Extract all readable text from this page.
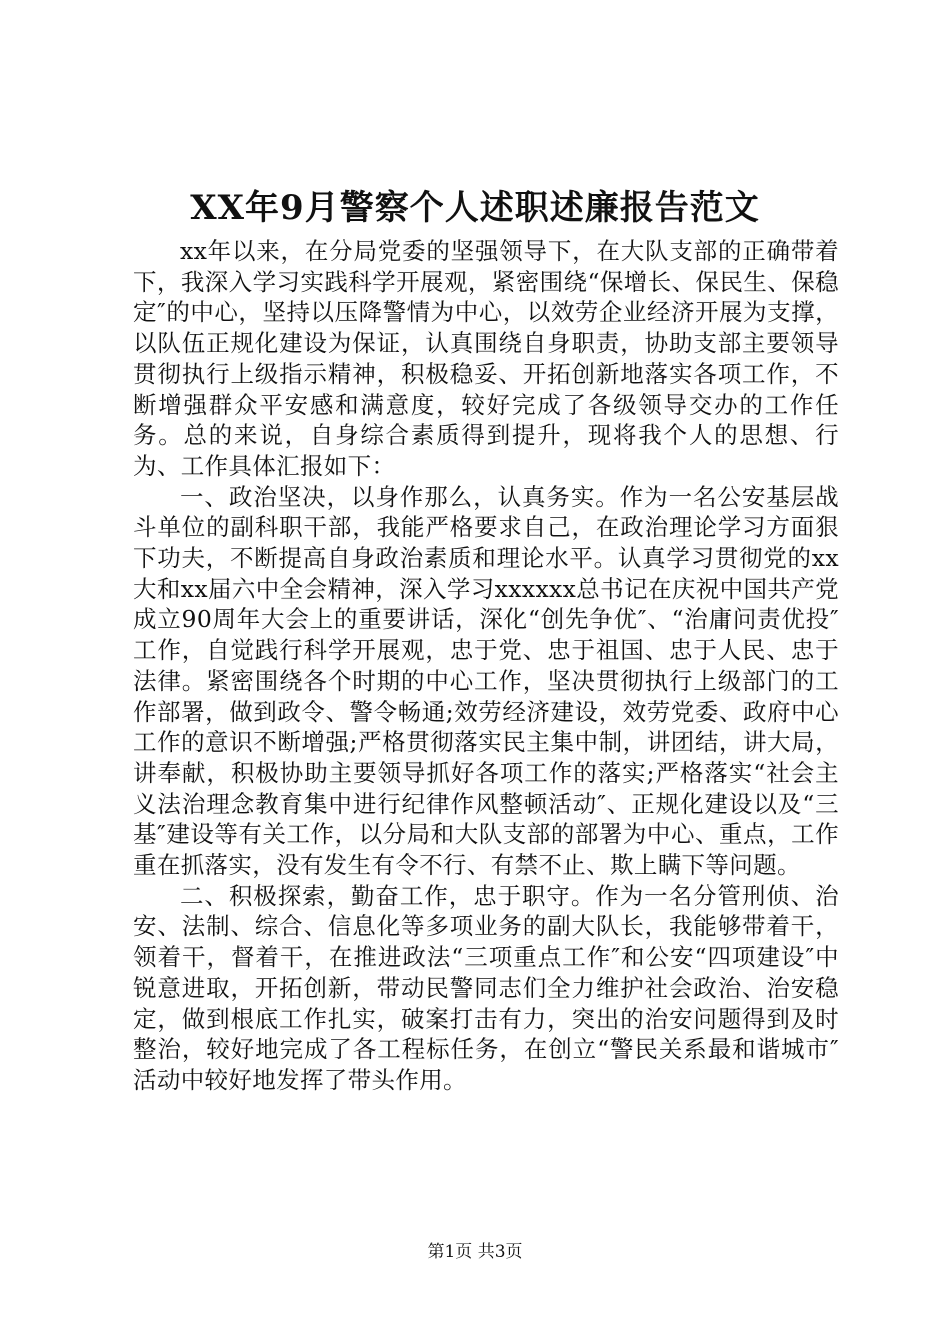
XX年9月警察个人述职述廉报告范文

xx年以来，在分局党委的坚强领导下，在大队支部的正确带着下，我深入学习实践科学开展观，紧密围绕“保增长、保民生、保稳定″的中心，坚持以压降警情为中心，以效劳企业经济开展为支撑，以队伍正规化建设为保证，认真围绕自身职责，协助支部主要领导贯彻执行上级指示精神，积极稳妥、开拓创新地落实各项工作，不断增强群众平安感和满意度，较好完成了各级领导交办的工作任务。总的来说，自身综合素质得到提升，现将我个人的思想、行为、工作具体汇报如下：

一、政治坚决，以身作那么，认真务实。作为一名公安基层战斗单位的副科职干部，我能严格要求自己，在政治理论学习方面狠下功夫，不断提高自身政治素质和理论水平。认真学习贯彻党的xx大和xx届六中全会精神，深入学习xxxxxx总书记在庆祝中国共产党成立90周年大会上的重要讲话，深化“创先争优″、“治庸问责优投″工作，自觉践行科学开展观，忠于党、忠于祖国、忠于人民、忠于法律。紧密围绕各个时期的中心工作，坚决贯彻执行上级部门的工作部署，做到政令、警令畅通;效劳经济建设，效劳党委、政府中心工作的意识不断增强;严格贯彻落实民主集中制，讲团结，讲大局，讲奉献，积极协助主要领导抓好各项工作的落实;严格落实“社会主义法治理念教育集中进行纪律作风整顿活动″、正规化建设以及“三基″建设等有关工作，以分局和大队支部的部署为中心、重点，工作重在抓落实，没有发生有令不行、有禁不止、欺上瞒下等问题。

二、积极探索，勤奋工作，忠于职守。作为一名分管刑侦、治安、法制、综合、信息化等多项业务的副大队长，我能够带着干，领着干，督着干，在推进政法“三项重点工作″和公安“四项建设″中锐意进取，开拓创新，带动民警同志们全力维护社会政治、治安稳定，做到根底工作扎实，破案打击有力，突出的治安问题得到及时整治，较好地完成了各工程标任务，在创立“警民关系最和谐城市″活动中较好地发挥了带头作用。

第1页 共3页
